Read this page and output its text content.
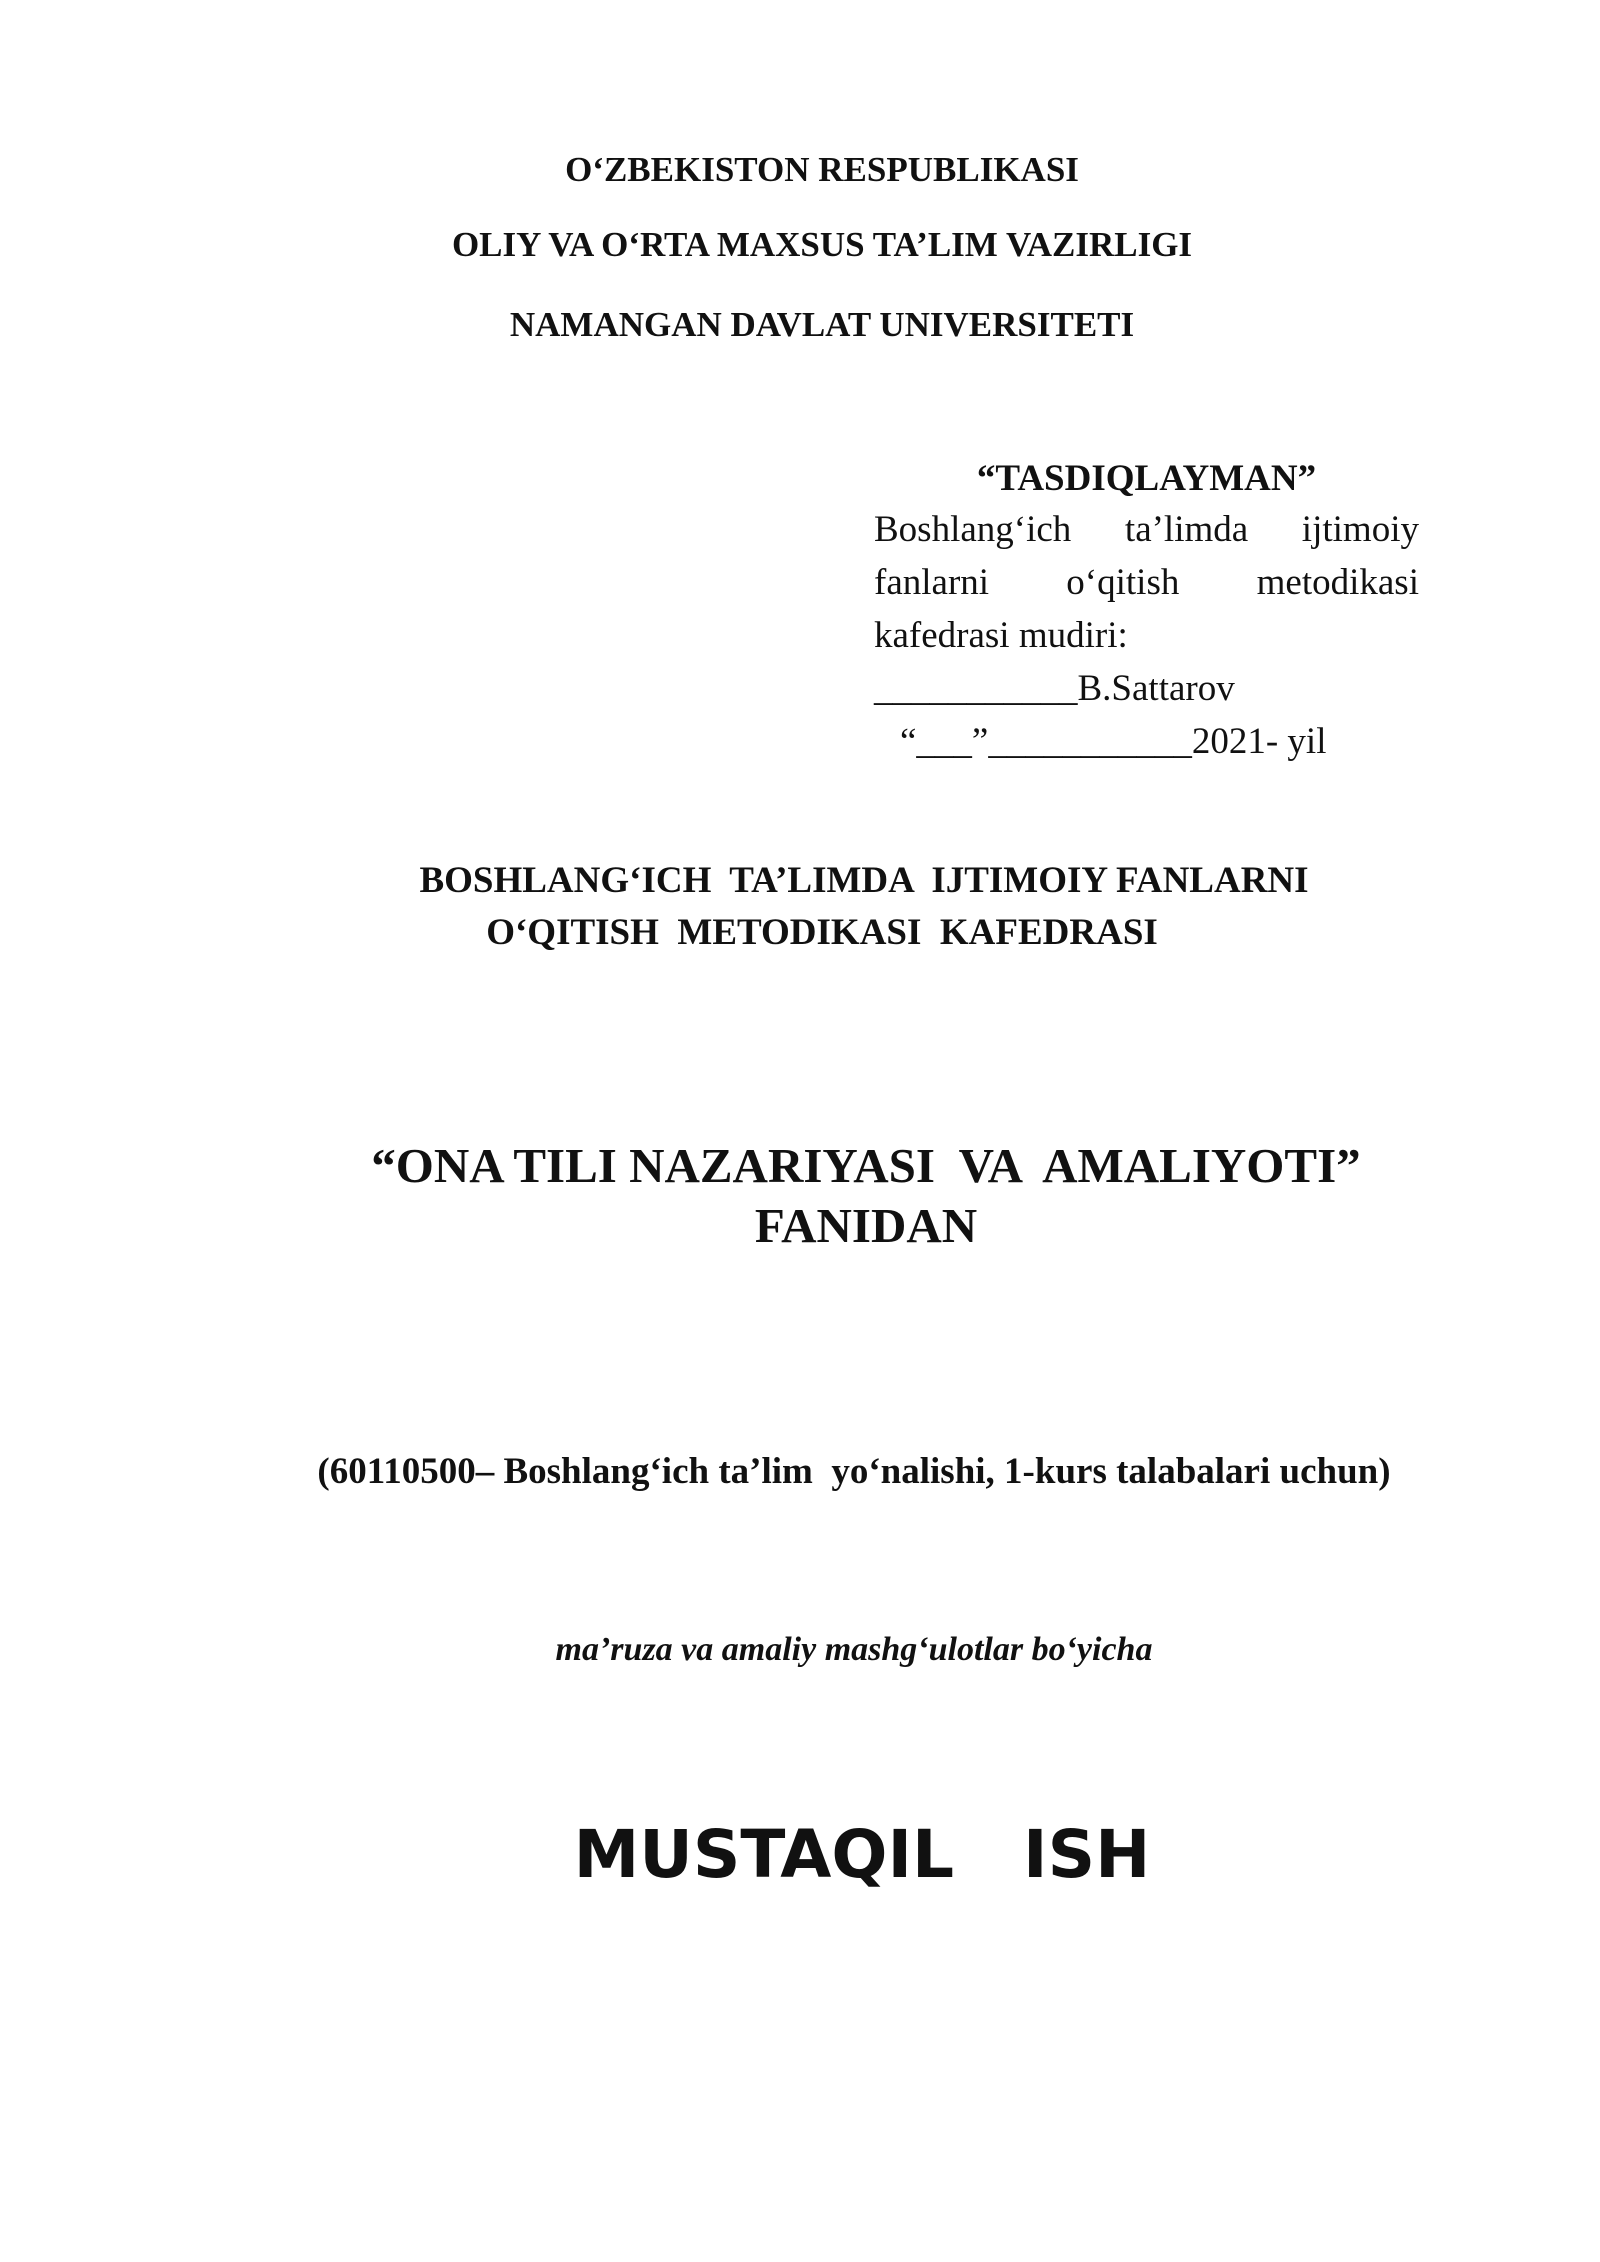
O‘ZBEKISTON RESPUBLIKASI
OLIY VA O‘RTA MAXSUS TA’LIM VAZIRLIGI
NAMANGAN DAVLAT UNIVERSITETI
“TASDIQLAYMAN”
Boshlang‘ich ta’limda ijtimoiy
fanlarni o‘qitish metodikasi
kafedrasi mudiri:
___________B.Sattarov
“___”___________2021- yil
BOSHLANG‘ICH  TA’LIMDA  IJTIMOIY FANLARNI
O‘QITISH  METODIKASI  KAFEDRASI
“ONA TILI NAZARIYASI  VA  AMALIYOTI”
FANIDAN
(60110500– Boshlang‘ich ta’lim  yo‘nalishi, 1-kurs talabalari uchun)
ma’ruza va amaliy mashg‘ulotlar bo‘yicha
MUSTAQIL   ISH
